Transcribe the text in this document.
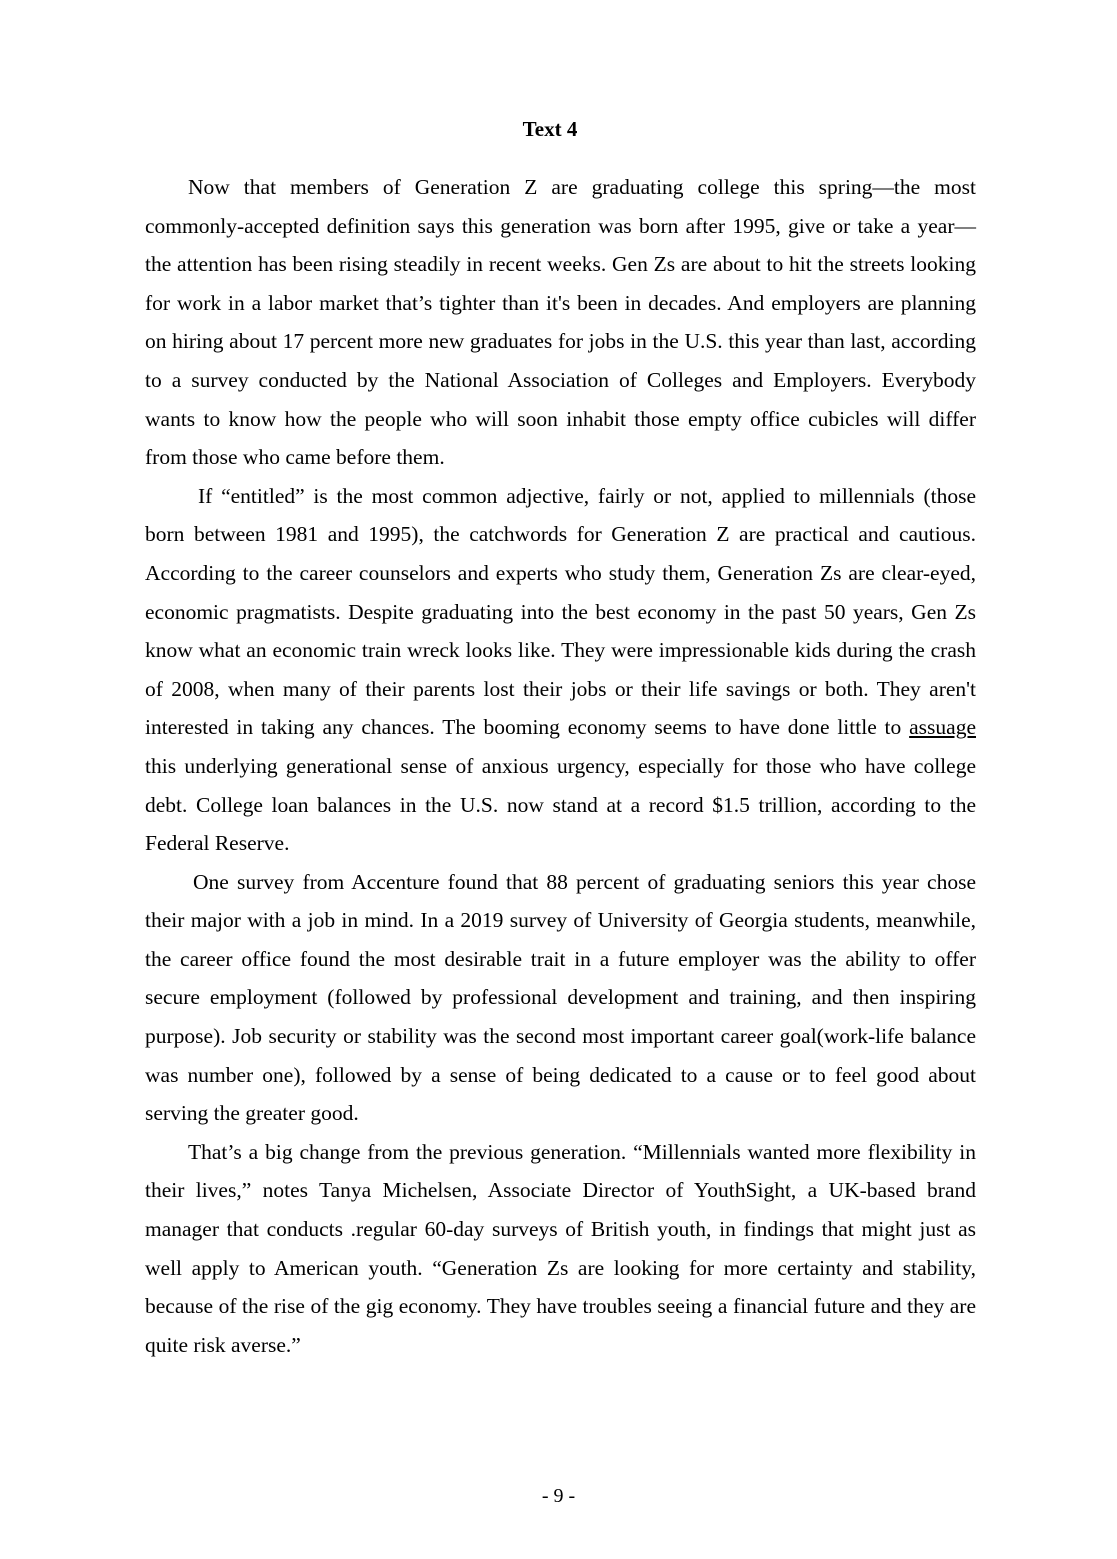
Text 4

Now that members of Generation Z are graduating college this spring—the most commonly-accepted definition says this generation was born after 1995, give or take a year—the attention has been rising steadily in recent weeks. Gen Zs are about to hit the streets looking for work in a labor market that’s tighter than it's been in decades. And employers are planning on hiring about 17 percent more new graduates for jobs in the U.S. this year than last, according to a survey conducted by the National Association of Colleges and Employers. Everybody wants to know how the people who will soon inhabit those empty office cubicles will differ from those who came before them.

If “entitled” is the most common adjective, fairly or not, applied to millennials (those born between 1981 and 1995), the catchwords for Generation Z are practical and cautious. According to the career counselors and experts who study them, Generation Zs are clear-eyed, economic pragmatists. Despite graduating into the best economy in the past 50 years, Gen Zs know what an economic train wreck looks like. They were impressionable kids during the crash of 2008, when many of their parents lost their jobs or their life savings or both. They aren't interested in taking any chances. The booming economy seems to have done little to assuage this underlying generational sense of anxious urgency, especially for those who have college debt. College loan balances in the U.S. now stand at a record $1.5 trillion, according to the Federal Reserve.

One survey from Accenture found that 88 percent of graduating seniors this year chose their major with a job in mind. In a 2019 survey of University of Georgia students, meanwhile, the career office found the most desirable trait in a future employer was the ability to offer secure employment (followed by professional development and training, and then inspiring purpose). Job security or stability was the second most important career goal(work-life balance was number one), followed by a sense of being dedicated to a cause or to feel good about serving the greater good.

That’s a big change from the previous generation. “Millennials wanted more flexibility in their lives,” notes Tanya Michelsen, Associate Director of YouthSight, a UK-based brand manager that conducts .regular 60-day surveys of British youth, in findings that might just as well apply to American youth. “Generation Zs are looking for more certainty and stability, because of the rise of the gig economy. They have troubles seeing a financial future and they are quite risk averse.”

- 9 -
